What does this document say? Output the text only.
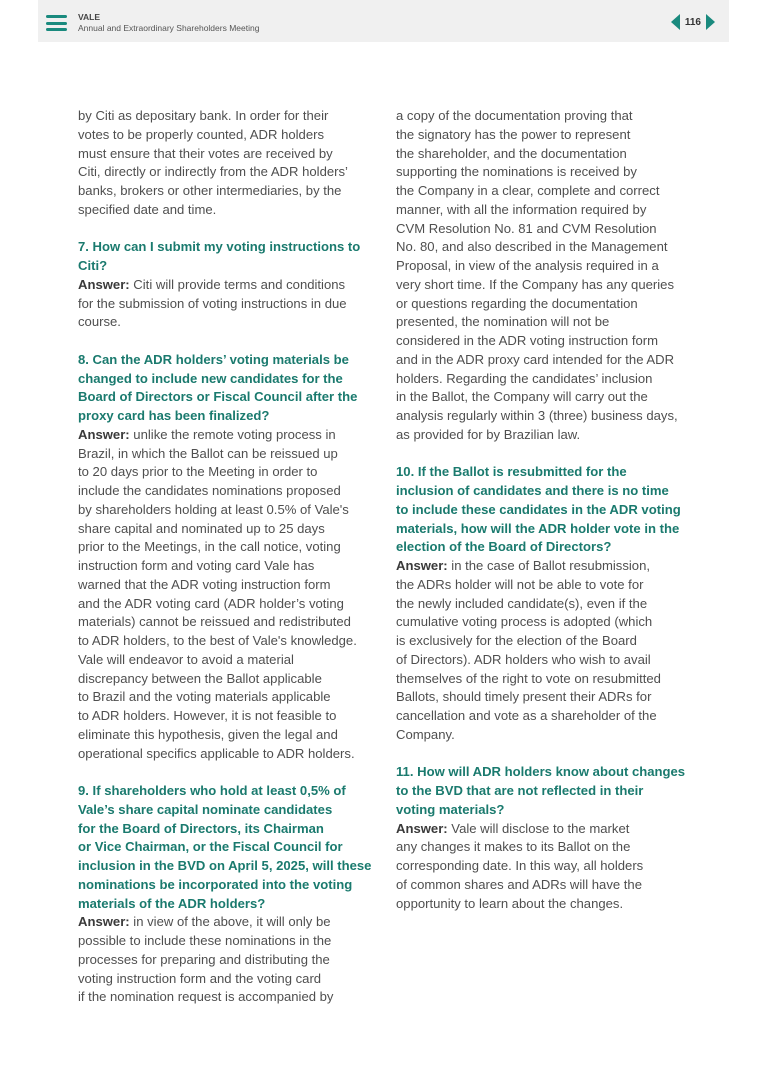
VALE
Annual and Extraordinary Shareholders Meeting
116

by Citi as depositary bank. In order for their

votes to be properly counted, ADR holders

must ensure that their votes are received by

Citi, directly or indirectly from the ADR holders’

banks, brokers or other intermediaries, by the

specified date and time.

7. How can I submit my voting instructions to

Citi?

Answer: Citi will provide terms and conditions

for the submission of voting instructions in due

course.

8. Can the ADR holders’ voting materials be

changed to include new candidates for the

Board of Directors or Fiscal Council after the

proxy card has been finalized?

Answer: unlike the remote voting process in

Brazil, in which the Ballot can be reissued up

to 20 days prior to the Meeting in order to

include the candidates nominations proposed

by shareholders holding at least 0.5% of Vale's

share capital and nominated up to 25 days

prior to the Meetings, in the call notice, voting

instruction form and voting card Vale has

warned that the ADR voting instruction form

and the ADR voting card (ADR holder’s voting

materials) cannot be reissued and redistributed

to ADR holders, to the best of Vale's knowledge.

Vale will endeavor to avoid a material

discrepancy between the Ballot applicable

to Brazil and the voting materials applicable

to ADR holders. However, it is not feasible to

eliminate this hypothesis, given the legal and

operational specifics applicable to ADR holders.

9. If shareholders who hold at least 0,5% of

Vale’s share capital nominate candidates

for the Board of Directors, its Chairman

or Vice Chairman, or the Fiscal Council for

inclusion in the BVD on April 5, 2025, will these

nominations be incorporated into the voting

materials of the ADR holders?

Answer: in view of the above, it will only be

possible to include these nominations in the

processes for preparing and distributing the

voting instruction form and the voting card

if the nomination request is accompanied by

a copy of the documentation proving that

the signatory has the power to represent

the shareholder, and the documentation

supporting the nominations is received by

the Company in a clear, complete and correct

manner, with all the information required by

CVM Resolution No. 81 and CVM Resolution

No. 80, and also described in the Management

Proposal, in view of the analysis required in a

very short time. If the Company has any queries

or questions regarding the documentation

presented, the nomination will not be

considered in the ADR voting instruction form

and in the ADR proxy card intended for the ADR

holders. Regarding the candidates’ inclusion

in the Ballot, the Company will carry out the

analysis regularly within 3 (three) business days,

as provided for by Brazilian law.

10. If the Ballot is resubmitted for the

inclusion of candidates and there is no time

to include these candidates in the ADR voting

materials, how will the ADR holder vote in the

election of the Board of Directors?

Answer: in the case of Ballot resubmission,

the ADRs holder will not be able to vote for

the newly included candidate(s), even if the

cumulative voting process is adopted (which

is exclusively for the election of the Board

of Directors). ADR holders who wish to avail

themselves of the right to vote on resubmitted

Ballots, should timely present their ADRs for

cancellation and vote as a shareholder of the

Company.

11. How will ADR holders know about changes

to the BVD that are not reflected in their

voting materials?

Answer: Vale will disclose to the market

any changes it makes to its Ballot on the

corresponding date. In this way, all holders

of common shares and ADRs will have the

opportunity to learn about the changes.
